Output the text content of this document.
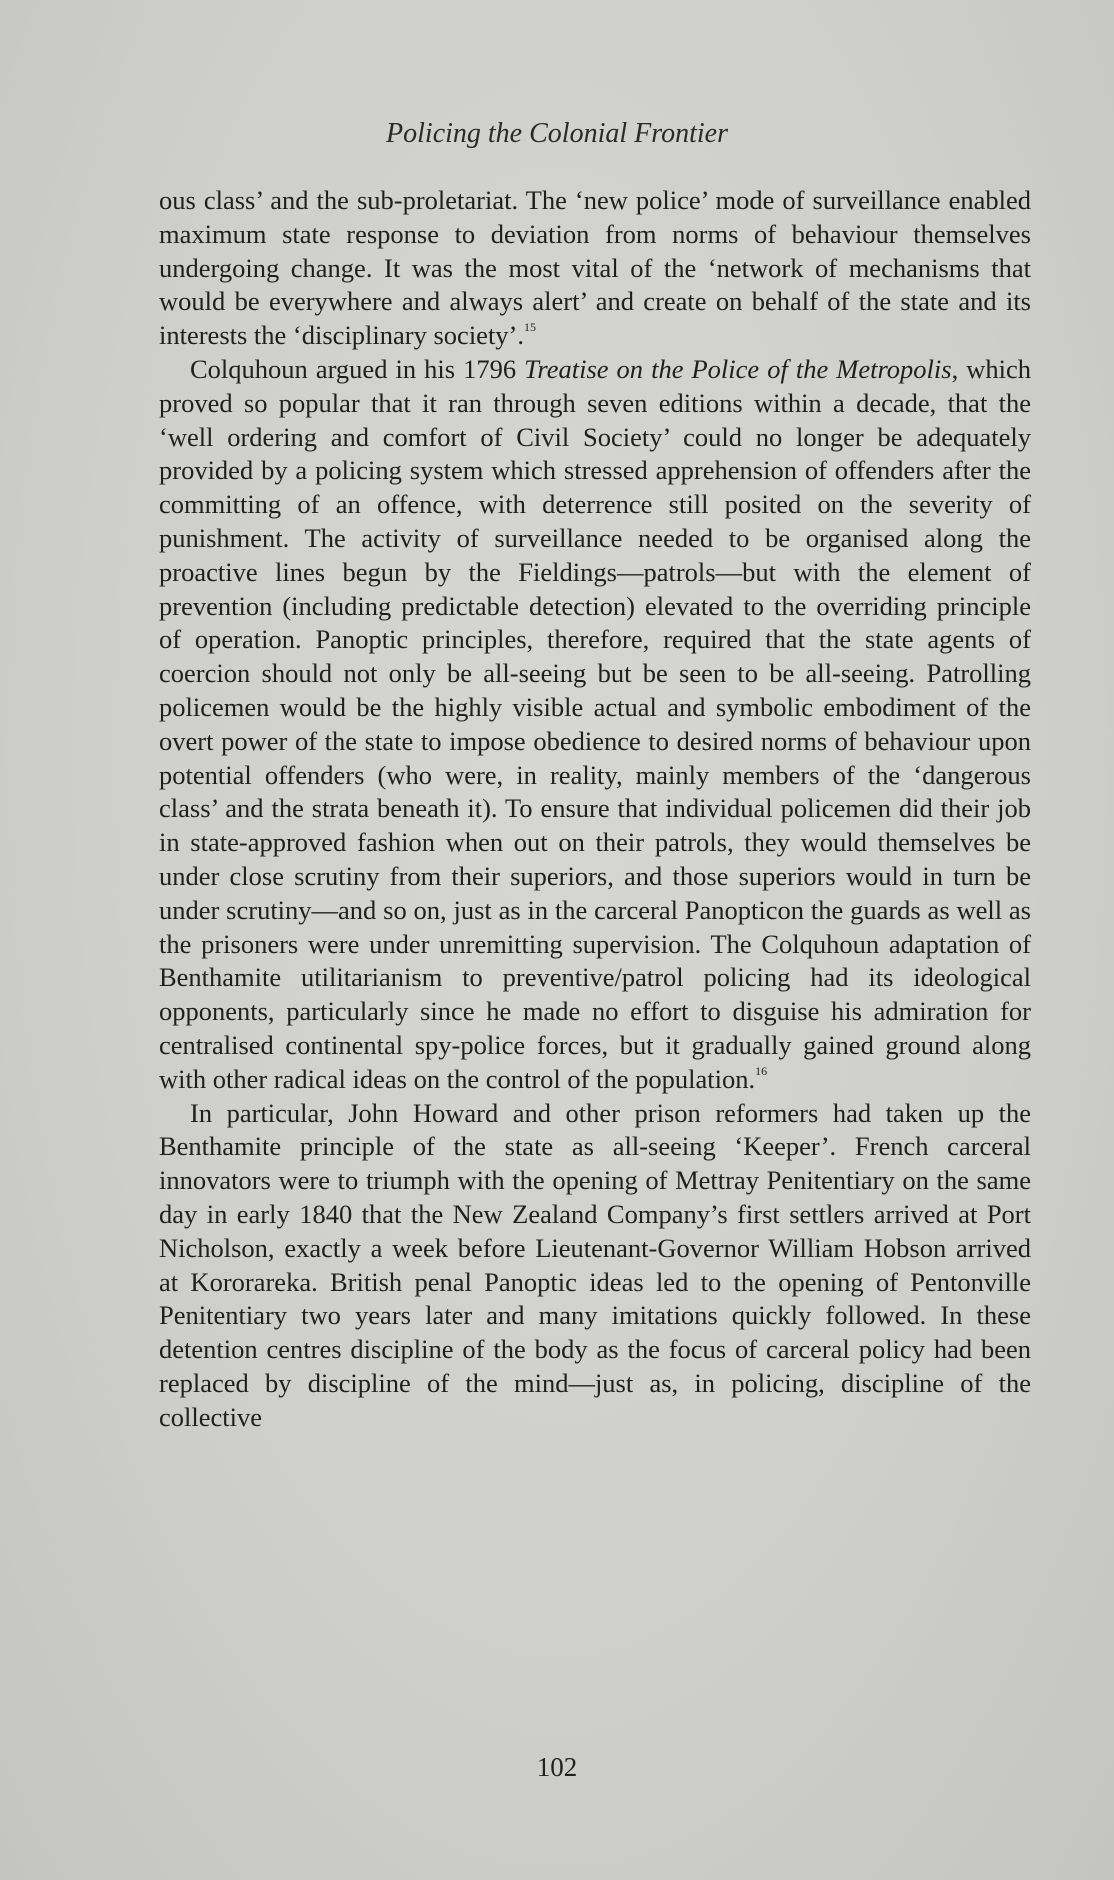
Policing the Colonial Frontier

ous class’ and the sub-proletariat. The ‘new police’ mode of surveillance enabled maximum state response to deviation from norms of behaviour themselves undergoing change. It was the most vital of the ‘network of mechanisms that would be everywhere and always alert’ and create on behalf of the state and its interests the ‘disciplinary society’.$^{15}$

Colquhoun argued in his 1796 Treatise on the Police of the Metropolis, which proved so popular that it ran through seven editions within a decade, that the ‘well ordering and comfort of Civil Society’ could no longer be adequately provided by a policing system which stressed apprehension of offenders after the committing of an offence, with deterrence still posited on the severity of punishment. The activity of surveillance needed to be organised along the proactive lines begun by the Fieldings—patrols—but with the element of prevention (including predictable detection) elevated to the overriding principle of operation. Panoptic principles, therefore, required that the state agents of coercion should not only be all-seeing but be seen to be all-seeing. Patrolling policemen would be the highly visible actual and symbolic embodiment of the overt power of the state to impose obedience to desired norms of behaviour upon potential offenders (who were, in reality, mainly members of the ‘dangerous class’ and the strata beneath it). To ensure that individual policemen did their job in state-approved fashion when out on their patrols, they would themselves be under close scrutiny from their superiors, and those superiors would in turn be under scrutiny—and so on, just as in the carceral Panopticon the guards as well as the prisoners were under unremitting supervision. The Colquhoun adaptation of Benthamite utilitarianism to preventive/patrol policing had its ideological opponents, particularly since he made no effort to disguise his admiration for centralised continental spy-police forces, but it gradually gained ground along with other radical ideas on the control of the population.$^{16}$

In particular, John Howard and other prison reformers had taken up the Benthamite principle of the state as all-seeing ‘Keeper’. French carceral innovators were to triumph with the opening of Mettray Penitentiary on the same day in early 1840 that the New Zealand Company’s first settlers arrived at Port Nicholson, exactly a week before Lieutenant-Governor William Hobson arrived at Kororareka. British penal Panoptic ideas led to the opening of Pentonville Penitentiary two years later and many imitations quickly followed. In these detention centres discipline of the body as the focus of carceral policy had been replaced by discipline of the mind—just as, in policing, discipline of the collective

102
